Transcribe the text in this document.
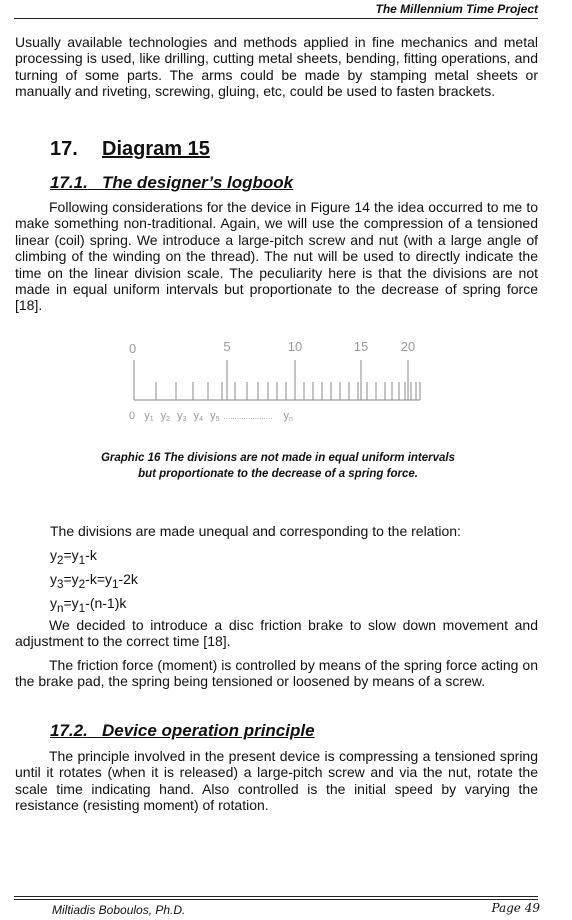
The Millennium Time Project
Usually available technologies and methods applied in fine mechanics and metal processing is used, like drilling, cutting metal sheets, bending, fitting operations, and turning of some parts. The arms could be made by stamping metal sheets or manually and riveting, screwing, gluing, etc, could be used to fasten brackets.
17. Diagram 15
17.1. The designer’s logbook
Following considerations for the device in Figure 14 the idea occurred to me to make something non-traditional. Again, we will use the compression of a tensioned linear (coil) spring. We introduce a large-pitch screw and nut (with a large angle of climbing of the winding on the thread). The nut will be used to directly indicate the time on the linear division scale. The peculiarity here is that the divisions are not made in equal uniform intervals but proportionate to the decrease of spring force [18].
0	5	10	15	20
0 y1 y2 y3 y4 y5 ...................... yn
Graphic 16 The divisions are not made in equal uniform intervals
but proportionate to the decrease of a spring force.
The divisions are made unequal and corresponding to the relation:
$y_2=y_1-k$
$y_3=y_2-k=y_1-2k$
$y_n=y_1-(n-1)k$
We decided to introduce a disc friction brake to slow down movement and adjustment to the correct time [18].
The friction force (moment) is controlled by means of the spring force acting on the brake pad, the spring being tensioned or loosened by means of a screw.
17.2. Device operation principle
The principle involved in the present device is compressing a tensioned spring until it rotates (when it is released) a large-pitch screw and via the nut, rotate the scale time indicating hand. Also controlled is the initial speed by varying the resistance (resisting moment) of rotation.
Miltiadis Boboulos, Ph.D.	Page 49
